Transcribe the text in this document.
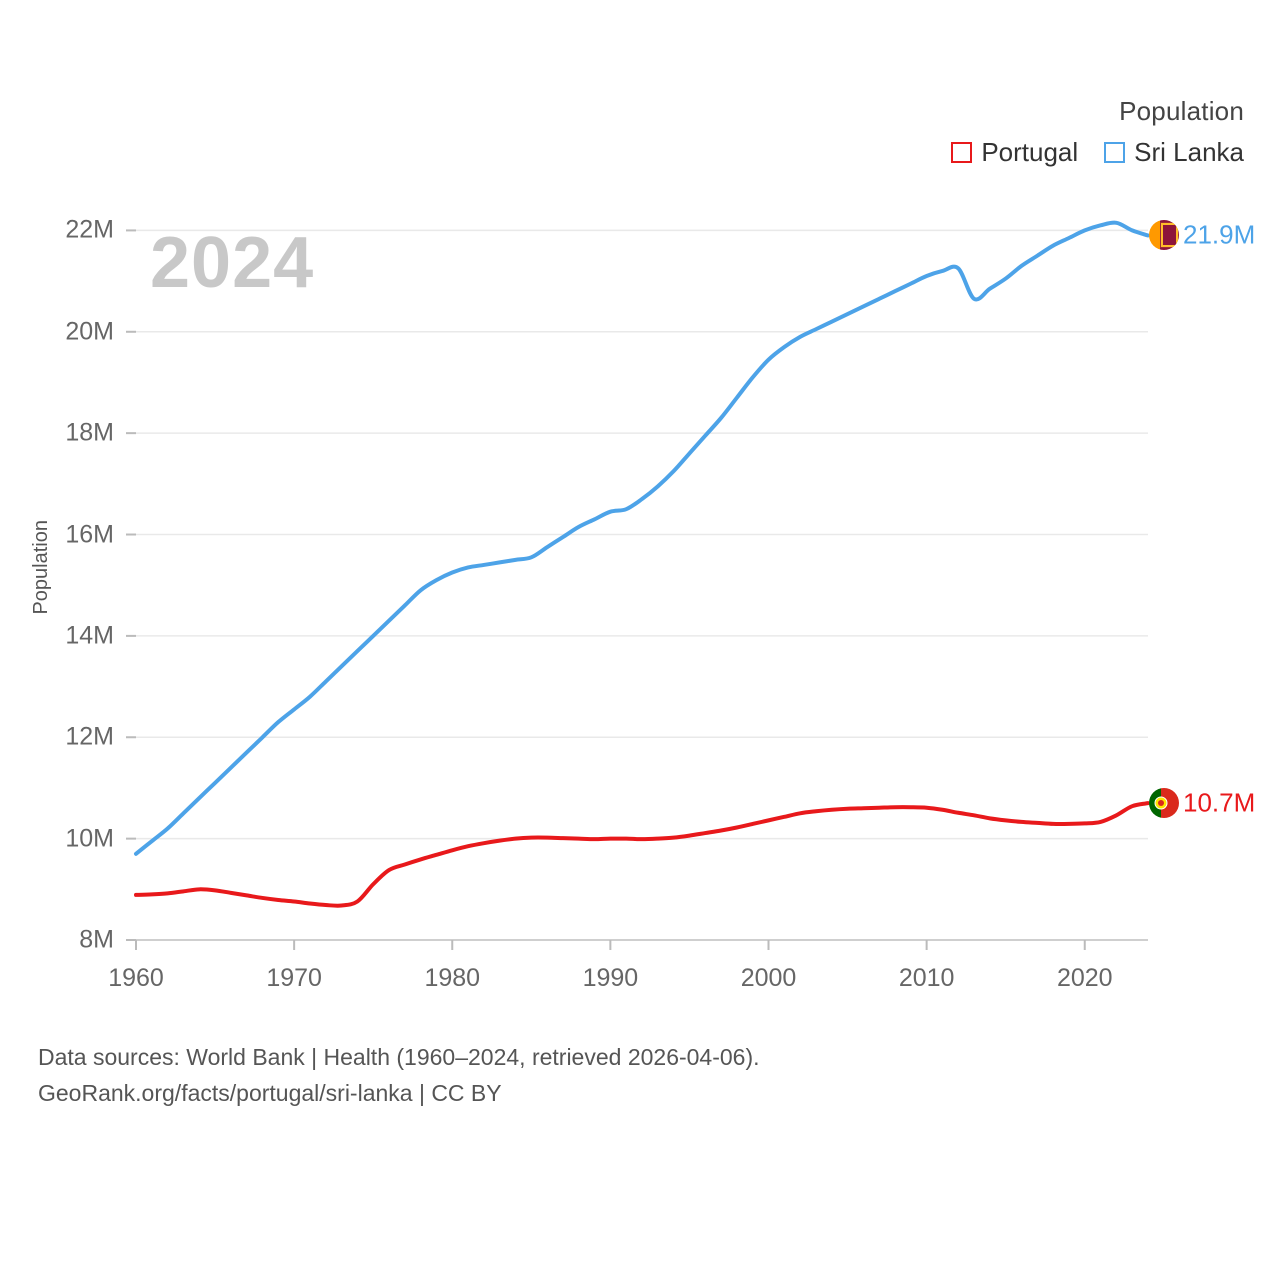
Population
2024
Population
Portugal Sri Lanka
8M
10M
12M
14M
16M
18M
20M
22M
1960	1970	1980	1990	2000	2010	2020
21.9M
10.7M
Data sources: World Bank | Health (1960–2024, retrieved 2026-04-06).
GeoRank.org/facts/portugal/sri-lanka | CC BY
